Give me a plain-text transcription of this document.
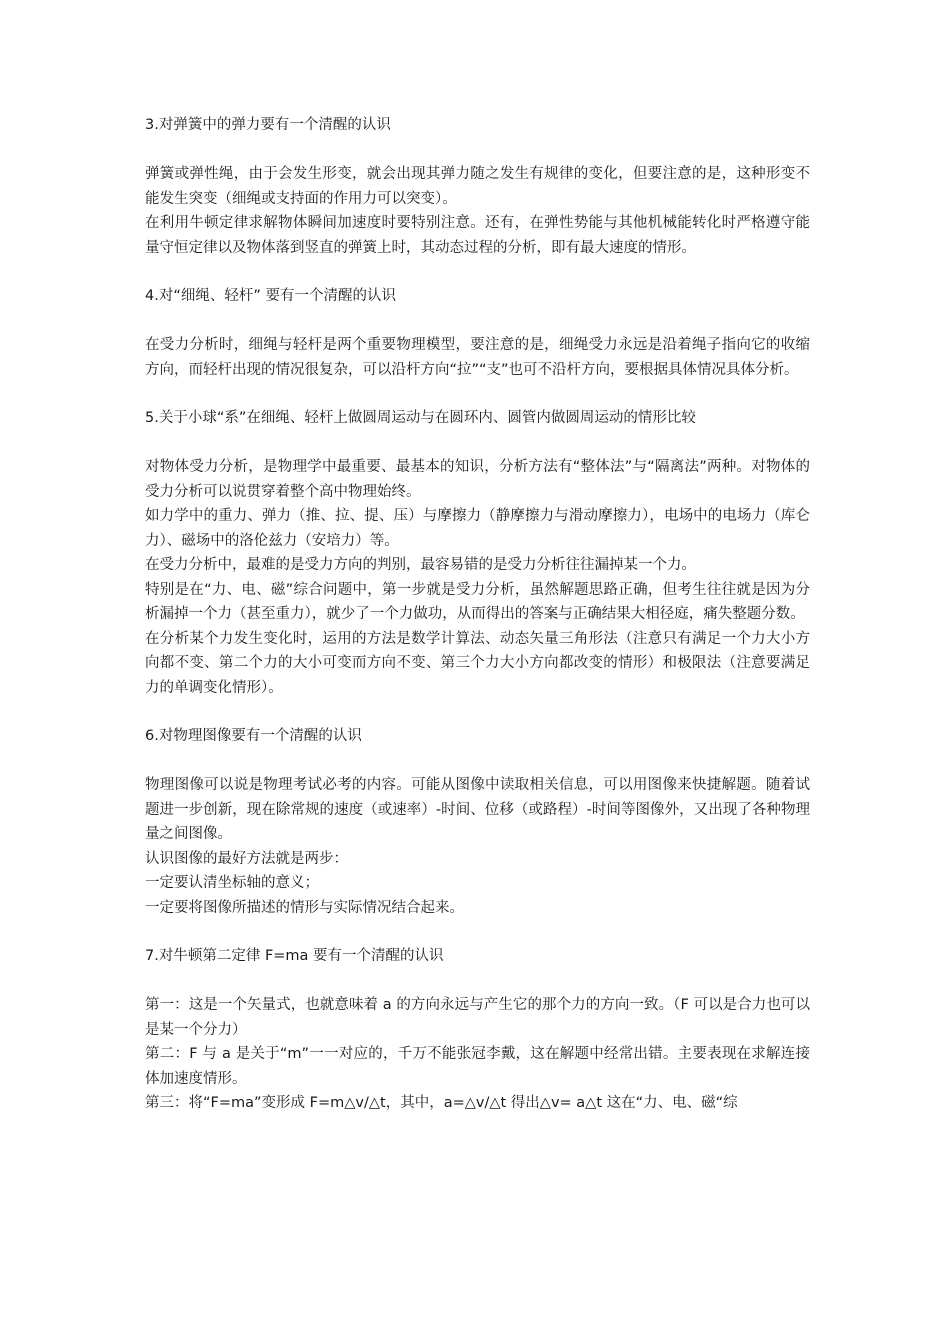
3.对弹簧中的弹力要有一个清醒的认识

弹簧或弹性绳，由于会发生形变，就会出现其弹力随之发生有规律的变化，但要注意的是，这种形变不能发生突变（细绳或支持面的作用力可以突变）。

在利用牛顿定律求解物体瞬间加速度时要特别注意。还有，在弹性势能与其他机械能转化时严格遵守能量守恒定律以及物体落到竖直的弹簧上时，其动态过程的分析，即有最大速度的情形。

4.对“细绳、轻杆” 要有一个清醒的认识

在受力分析时，细绳与轻杆是两个重要物理模型，要注意的是，细绳受力永远是沿着绳子指向它的收缩方向，而轻杆出现的情况很复杂，可以沿杆方向“拉”“支”也可不沿杆方向，要根据具体情况具体分析。

5.关于小球“系”在细绳、轻杆上做圆周运动与在圆环内、圆管内做圆周运动的情形比较

对物体受力分析，是物理学中最重要、最基本的知识，分析方法有“整体法”与“隔离法”两种。对物体的受力分析可以说贯穿着整个高中物理始终。

如力学中的重力、弹力（推、拉、提、压）与摩擦力（静摩擦力与滑动摩擦力），电场中的电场力（库仑力）、磁场中的洛伦兹力（安培力）等。

在受力分析中，最难的是受力方向的判别，最容易错的是受力分析往往漏掉某一个力。

特别是在“力、电、磁”综合问题中，第一步就是受力分析，虽然解题思路正确，但考生往往就是因为分析漏掉一个力（甚至重力），就少了一个力做功，从而得出的答案与正确结果大相径庭，痛失整题分数。

在分析某个力发生变化时，运用的方法是数学计算法、动态矢量三角形法（注意只有满足一个力大小方向都不变、第二个力的大小可变而方向不变、第三个力大小方向都改变的情形）和极限法（注意要满足力的单调变化情形）。

6.对物理图像要有一个清醒的认识

物理图像可以说是物理考试必考的内容。可能从图像中读取相关信息，可以用图像来快捷解题。随着试题进一步创新，现在除常规的速度（或速率）-时间、位移（或路程）-时间等图像外，又出现了各种物理量之间图像。

认识图像的最好方法就是两步：

一定要认清坐标轴的意义；

一定要将图像所描述的情形与实际情况结合起来。

7.对牛顿第二定律 F=ma 要有一个清醒的认识

第一：这是一个矢量式，也就意味着 a 的方向永远与产生它的那个力的方向一致。（F 可以是合力也可以是某一个分力）

第二：F 与 a 是关于“m”一一对应的，千万不能张冠李戴，这在解题中经常出错。主要表现在求解连接体加速度情形。

第三：将“F=ma”变形成 F=m△v/△t，其中，a=△v/△t 得出△v= a△t 这在“力、电、磁“综
